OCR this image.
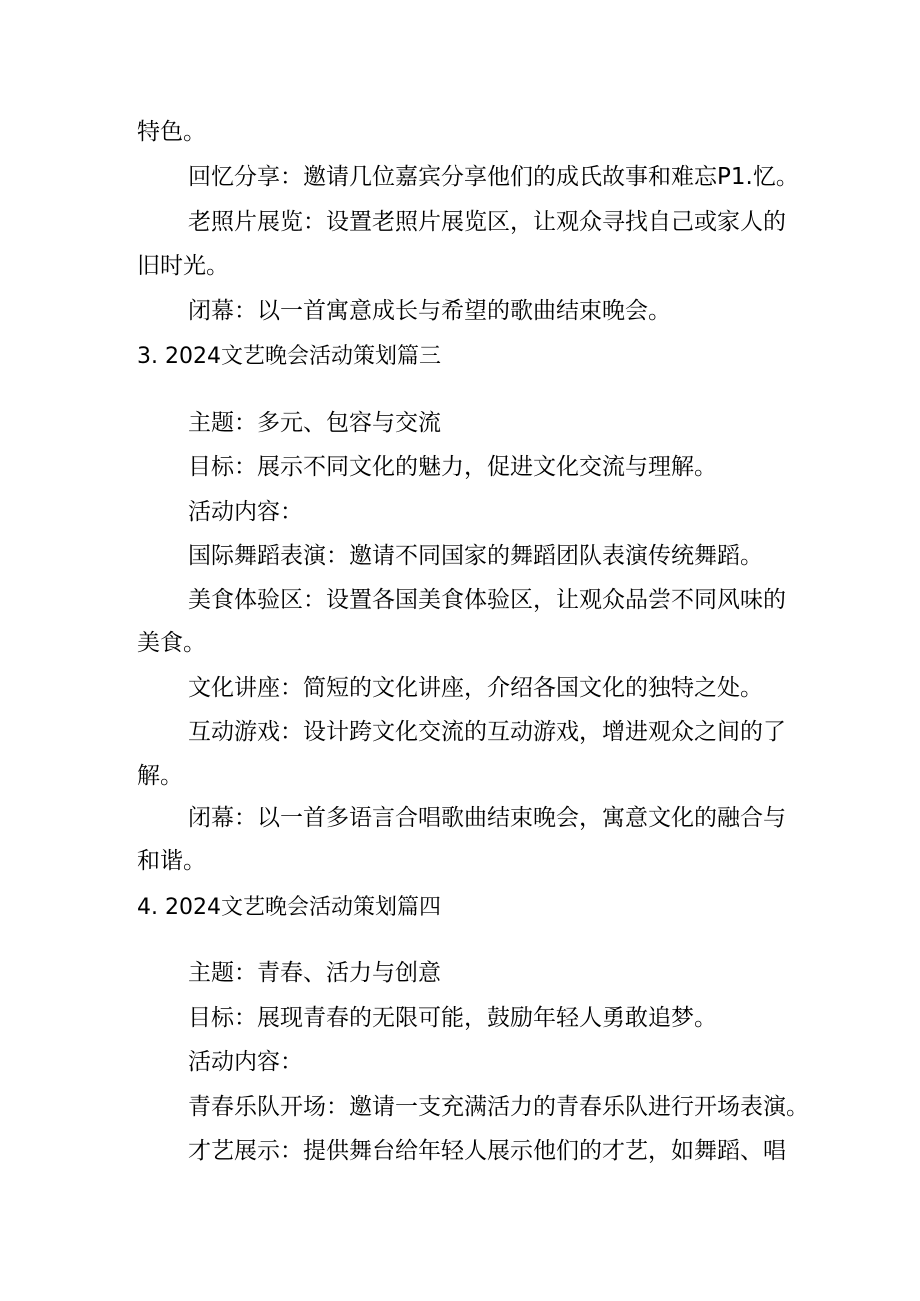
特色。

回忆分享：邀请几位嘉宾分享他们的成氏故事和难忘P1.忆。

老照片展览：设置老照片展览区，让观众寻找自己或家人的

旧时光。

闭幕：以一首寓意成长与希望的歌曲结束晚会。

3. 2024文艺晚会活动策划篇三

主题：多元、包容与交流

目标：展示不同文化的魅力，促进文化交流与理解。

活动内容：

国际舞蹈表演：邀请不同国家的舞蹈团队表演传统舞蹈。

美食体验区：设置各国美食体验区，让观众品尝不同风味的

美食。

文化讲座：简短的文化讲座，介绍各国文化的独特之处。

互动游戏：设计跨文化交流的互动游戏，增进观众之间的了

解。

闭幕：以一首多语言合唱歌曲结束晚会，寓意文化的融合与

和谐。

4. 2024文艺晚会活动策划篇四

主题：青春、活力与创意

目标：展现青春的无限可能，鼓励年轻人勇敢追梦。

活动内容：

青春乐队开场：邀请一支充满活力的青春乐队进行开场表演。

才艺展示：提供舞台给年轻人展示他们的才艺，如舞蹈、唱
